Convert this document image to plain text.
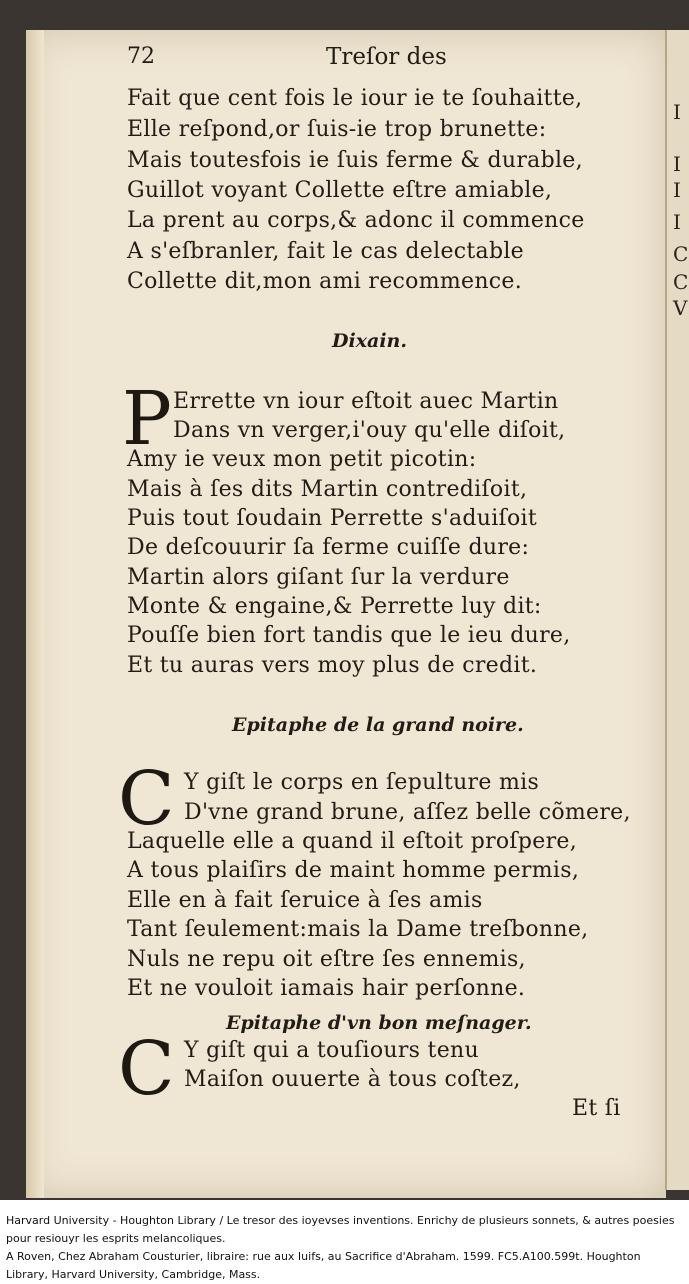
I
I
I
I
C
C
V
72	Treſor des
Fait que cent fois le iour ie te ſouhaitte,
Elle reſpond,or ſuis-ie trop brunette:
Mais toutesfois ie ſuis ferme & durable,
Guillot voyant Collette eſtre amiable,
La prent au corps,& adonc il commence
A s'eſbranler, fait le cas delectable
Collette dit,mon ami recommence.
Dixain.
P Errette vn iour eſtoit auec Martin
Dans vn verger,i'ouy qu'elle diſoit,
Amy ie veux mon petit picotin:
Mais à ſes dits Martin contrediſoit,
Puis tout ſoudain Perrette s'aduiſoit
De deſcouurir ſa ferme cuiſſe dure:
Martin alors giſant ſur la verdure
Monte & engaine,& Perrette luy dit:
Pouſſe bien fort tandis que le ieu dure,
Et tu auras vers moy plus de credit.
Epitaphe de la grand noire.
C Y giſt le corps en ſepulture mis
D'vne grand brune, aſſez belle cõmere,
Laquelle elle a quand il eſtoit proſpere,
A tous plaiſirs de maint homme permis,
Elle en à fait ſeruice à ſes amis
Tant ſeulement:mais la Dame treſbonne,
Nuls ne repu oit eſtre ſes ennemis,
Et ne vouloit iamais hair perſonne.
Epitaphe d'vn bon meſnager.
C Y giſt qui a touſiours tenu
Maiſon ouuerte à tous coſtez,
Et ſi

Harvard University - Houghton Library / Le tresor des ioyevses inventions. Enrichy de plusieurs sonnets, & autres poesies pour resiouyr les esprits melancoliques.

A Roven, Chez Abraham Cousturier, libraire: rue aux Iuifs, au Sacrifice d'Abraham. 1599. FC5.A100.599t. Houghton Library, Harvard University, Cambridge, Mass.
